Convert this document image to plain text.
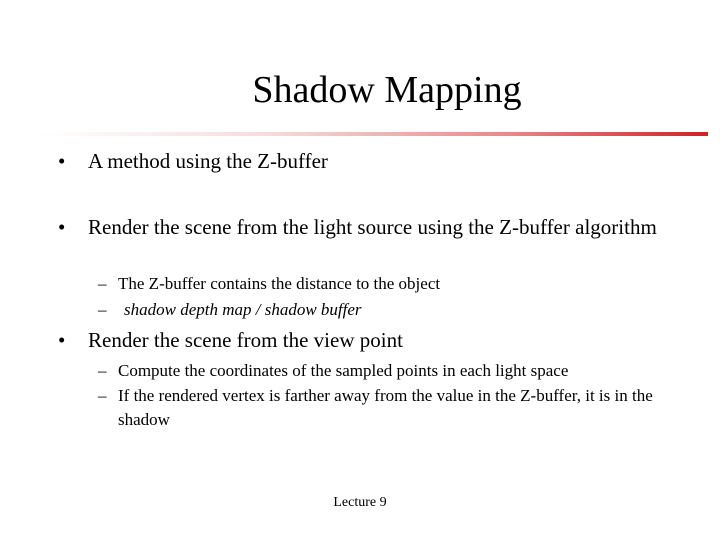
Shadow Mapping
• A method using the Z-buffer
• Render the scene from the light source using the Z-buffer algorithm
– The Z-buffer contains the distance to the object
– shadow depth map / shadow buffer
• Render the scene from the view point
– Compute the coordinates of the sampled points in each light space
– If the rendered vertex is farther away from the value in the Z-buffer, it is in the shadow
Lecture 9
